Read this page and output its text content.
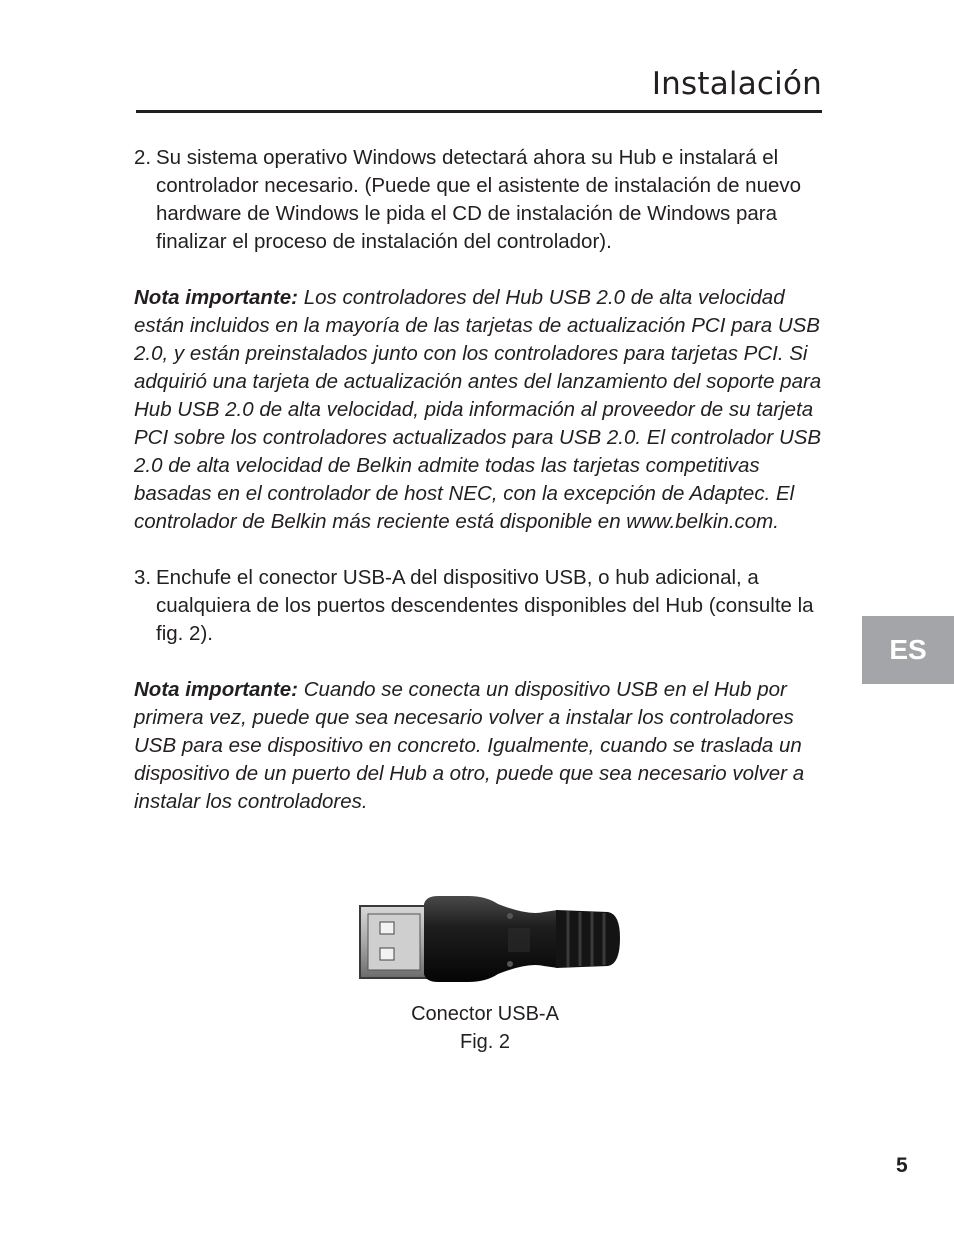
Instalación
2. Su sistema operativo Windows detectará ahora su Hub e instalará el controlador necesario. (Puede que el asistente de instalación de nuevo hardware de Windows le pida el CD de instalación de Windows para finalizar el proceso de instalación del controlador).

Nota importante: Los controladores del Hub USB 2.0 de alta velocidad están incluidos en la mayoría de las tarjetas de actualización PCI para USB 2.0, y están preinstalados junto con los controladores para tarjetas PCI. Si adquirió una tarjeta de actualización antes del lanzamiento del soporte para Hub USB 2.0 de alta velocidad, pida información al proveedor de su tarjeta PCI sobre los controladores actualizados para USB 2.0. El controlador USB 2.0 de alta velocidad de Belkin admite todas las tarjetas competitivas basadas en el controlador de host NEC, con la excepción de Adaptec. El controlador de Belkin más reciente está disponible en www.belkin.com.

3. Enchufe el conector USB-A del dispositivo USB, o hub adicional, a cualquiera de los puertos descendentes disponibles del Hub (consulte la fig. 2).

Nota importante: Cuando se conecta un dispositivo USB en el Hub por primera vez, puede que sea necesario volver a instalar los controladores USB para ese dispositivo en concreto. Igualmente, cuando se traslada un dispositivo de un puerto del Hub a otro, puede que sea necesario volver a instalar los controladores.

ES
Conector USB-A
Fig. 2
5
